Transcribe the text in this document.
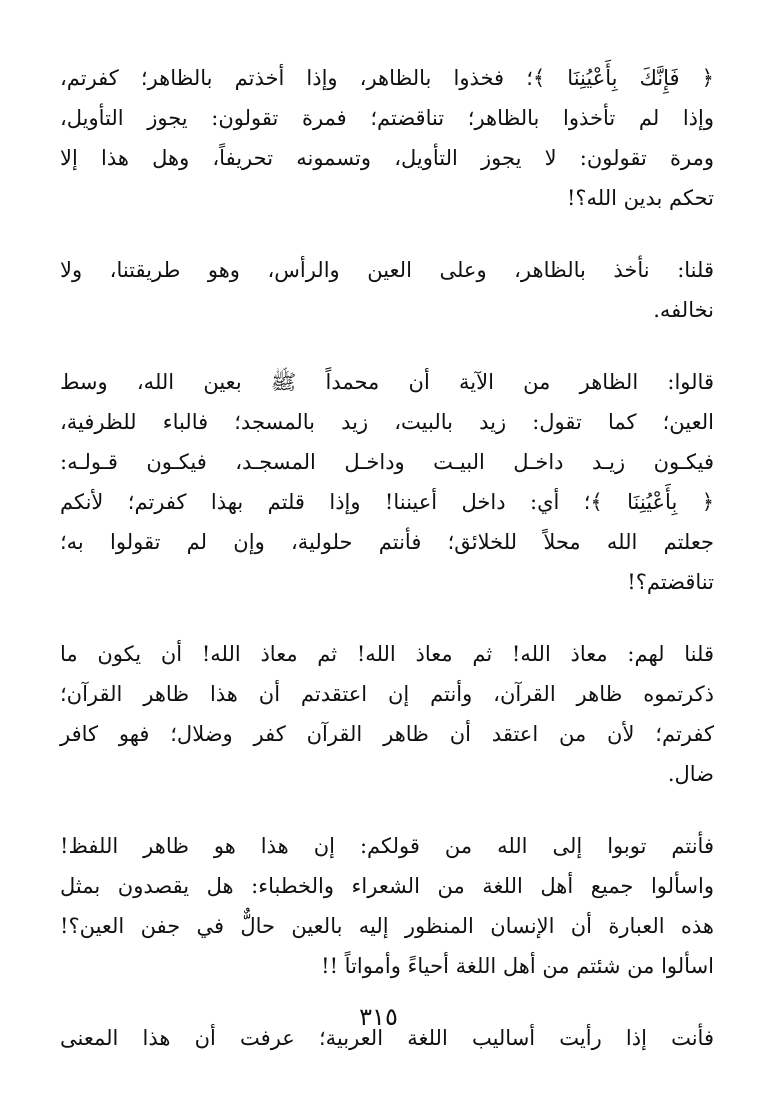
﴿ فَإِنَّكَ بِأَعْيُنِنَا ﴾؛ فخذوا بالظاهر، وإذا أخذتم بالظاهر؛ كفرتم،
وإذا لم تأخذوا بالظاهر؛ تناقضتم؛ فمرة تقولون: يجوز التأويل،
ومرة تقولون: لا يجوز التأويل، وتسمونه تحريفاً، وهل هذا إلا
تحكم بدين الله؟!
قلنا: نأخذ بالظاهر، وعلى العين والرأس، وهو طريقتنا، ولا
نخالفه.
قالوا: الظاهر من الآية أن محمداً ﷺ بعين الله، وسط
العين؛ كما تقول: زيد بالبيت، زيد بالمسجد؛ فالباء للظرفية،
فيكـون زيـد داخـل البيـت وداخـل المسجـد، فيكـون قـولـه:
﴿ بِأَعْيُنِنَا ﴾؛ أي: داخل أعيننا! وإذا قلتم بهذا كفرتم؛ لأنكم
جعلتم الله محلاً للخلائق؛ فأنتم حلولية، وإن لم تقولوا به؛
تناقضتم؟!
قلنا لهم: معاذ الله! ثم معاذ الله! ثم معاذ الله! أن يكون ما
ذكرتموه ظاهر القرآن، وأنتم إن اعتقدتم أن هذا ظاهر القرآن؛
كفرتم؛ لأن من اعتقد أن ظاهر القرآن كفر وضلال؛ فهو كافر
ضال.
فأنتم توبوا إلى الله من قولكم: إن هذا هو ظاهر اللفظ!
واسألوا جميع أهل اللغة من الشعراء والخطباء: هل يقصدون بمثل
هذه العبارة أن الإنسان المنظور إليه بالعين حالٌّ في جفن العين؟!
اسألوا من شئتم من أهل اللغة أحياءً وأمواتاً !!
فأنت إذا رأيت أساليب اللغة العربية؛ عرفت أن هذا المعنى
٣١٥
